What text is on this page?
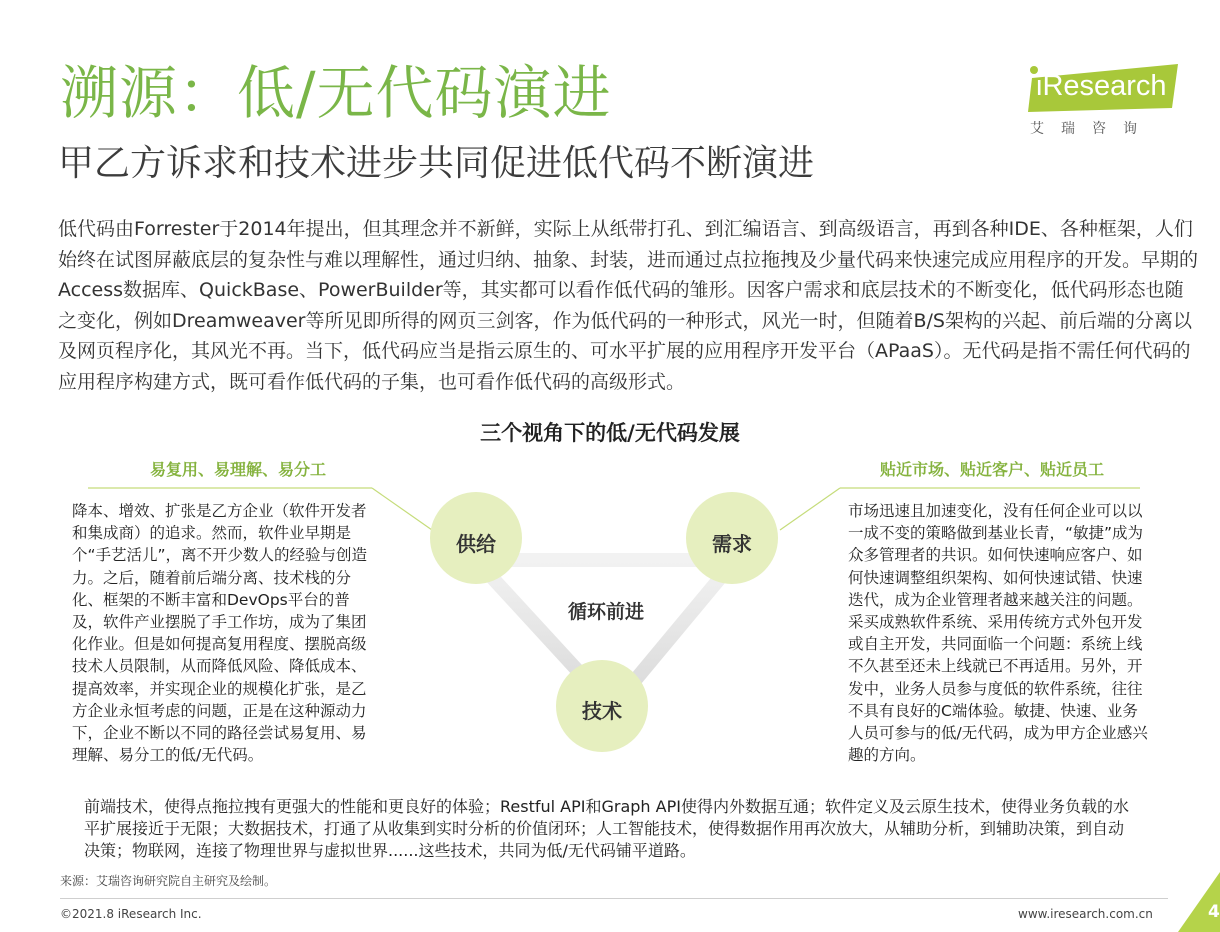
溯源：低/无代码演进
甲乙方诉求和技术进步共同促进低代码不断演进
iResearch
艾瑞咨询
低代码由Forrester于2014年提出，但其理念并不新鲜，实际上从纸带打孔、到汇编语言、到高级语言，再到各种IDE、各种框架，人们始终在试图屏蔽底层的复杂性与难以理解性，通过归纳、抽象、封装，进而通过点拉拖拽及少量代码来快速完成应用程序的开发。早期的Access数据库、QuickBase、PowerBuilder等，其实都可以看作低代码的雏形。因客户需求和底层技术的不断变化，低代码形态也随之变化，例如Dreamweaver等所见即所得的网页三剑客，作为低代码的一种形式，风光一时，但随着B/S架构的兴起、前后端的分离以及网页程序化，其风光不再。当下，低代码应当是指云原生的、可水平扩展的应用程序开发平台（APaaS）。无代码是指不需任何代码的应用程序构建方式，既可看作低代码的子集，也可看作低代码的高级形式。
三个视角下的低/无代码发展
易复用、易理解、易分工	贴近市场、贴近客户、贴近员工
供给	需求
技术
循环前进
降本、增效、扩张是乙方企业（软件开发者和集成商）的追求。然而，软件业早期是个“手艺活儿”，离不开少数人的经验与创造力。之后，随着前后端分离、技术栈的分化、框架的不断丰富和DevOps平台的普及，软件产业摆脱了手工作坊，成为了集团化作业。但是如何提高复用程度、摆脱高级技术人员限制，从而降低风险、降低成本、提高效率，并实现企业的规模化扩张，是乙方企业永恒考虑的问题，正是在这种源动力下，企业不断以不同的路径尝试易复用、易理解、易分工的低/无代码。
市场迅速且加速变化，没有任何企业可以以一成不变的策略做到基业长青，“敏捷”成为众多管理者的共识。如何快速响应客户、如何快速调整组织架构、如何快速试错、快速迭代，成为企业管理者越来越关注的问题。采买成熟软件系统、采用传统方式外包开发或自主开发，共同面临一个问题：系统上线不久甚至还未上线就已不再适用。另外，开发中，业务人员参与度低的软件系统，往往不具有良好的C端体验。敏捷、快速、业务人员可参与的低/无代码，成为甲方企业感兴趣的方向。
前端技术，使得点拖拉拽有更强大的性能和更良好的体验；Restful API和Graph API使得内外数据互通；软件定义及云原生技术，使得业务负载的水平扩展接近于无限；大数据技术，打通了从收集到实时分析的价值闭环；人工智能技术，使得数据作用再次放大，从辅助分析，到辅助决策，到自动决策；物联网，连接了物理世界与虚拟世界......这些技术，共同为低/无代码铺平道路。
来源：艾瑞咨询研究院自主研究及绘制。
©2021.8 iResearch Inc.	www.iresearch.com.cn	4
